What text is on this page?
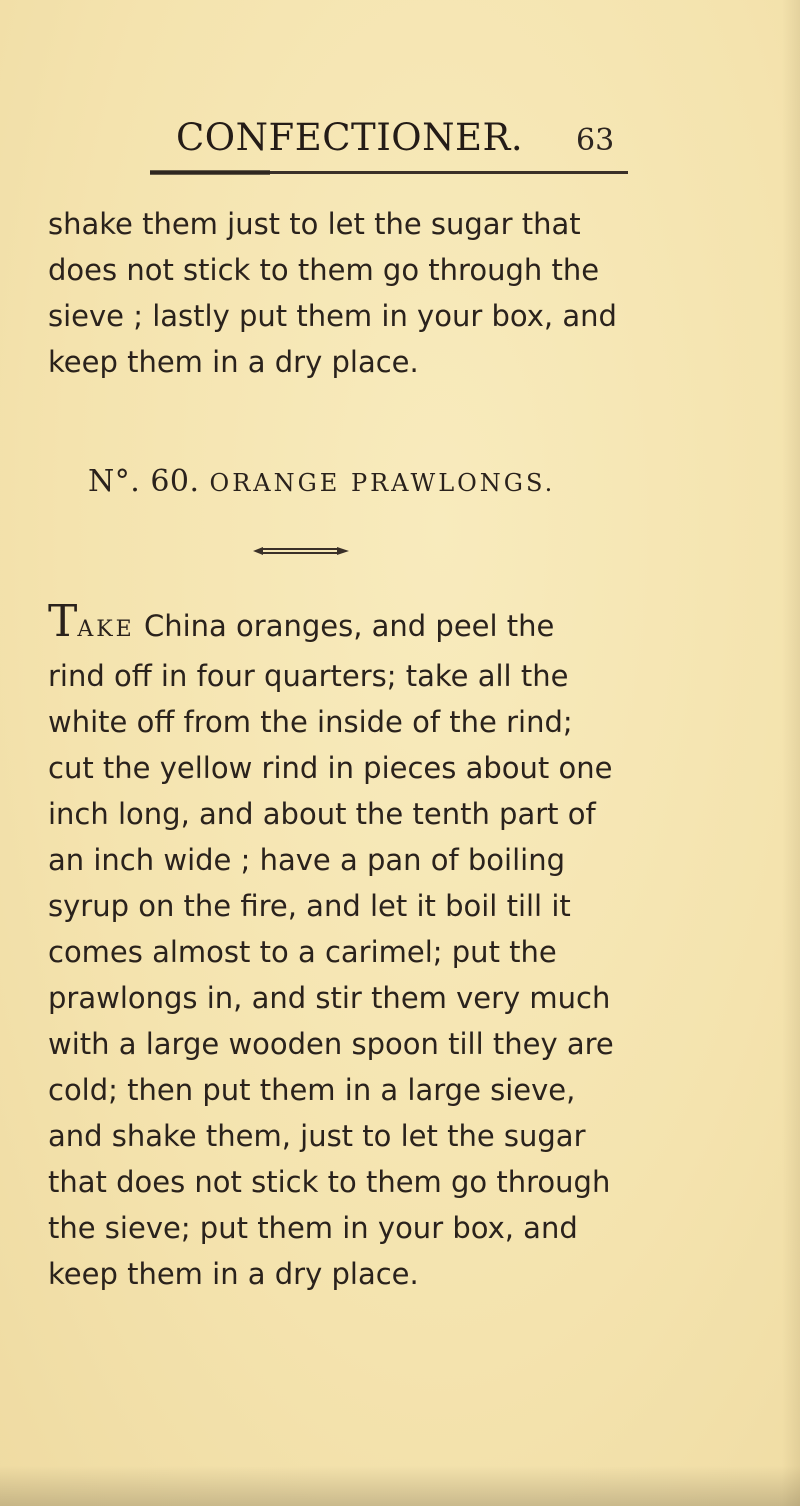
CONFECTIONER. 63
shake them just to let the sugar that
does not stick to them go through the
sieve ; lastly put them in your box, and
keep them in a dry place.
N°. 60. ORANGE PRAWLONGS.
TAKE China oranges, and peel the
rind off in four quarters; take all the
white off from the inside of the rind;
cut the yellow rind in pieces about one
inch long, and about the tenth part of
an inch wide ; have a pan of boiling
syrup on the fire, and let it boil till it
comes almost to a carimel; put the
prawlongs in, and stir them very much
with a large wooden spoon till they are
cold; then put them in a large sieve,
and shake them, just to let the sugar
that does not stick to them go through
the sieve; put them in your box, and
keep them in a dry place.
